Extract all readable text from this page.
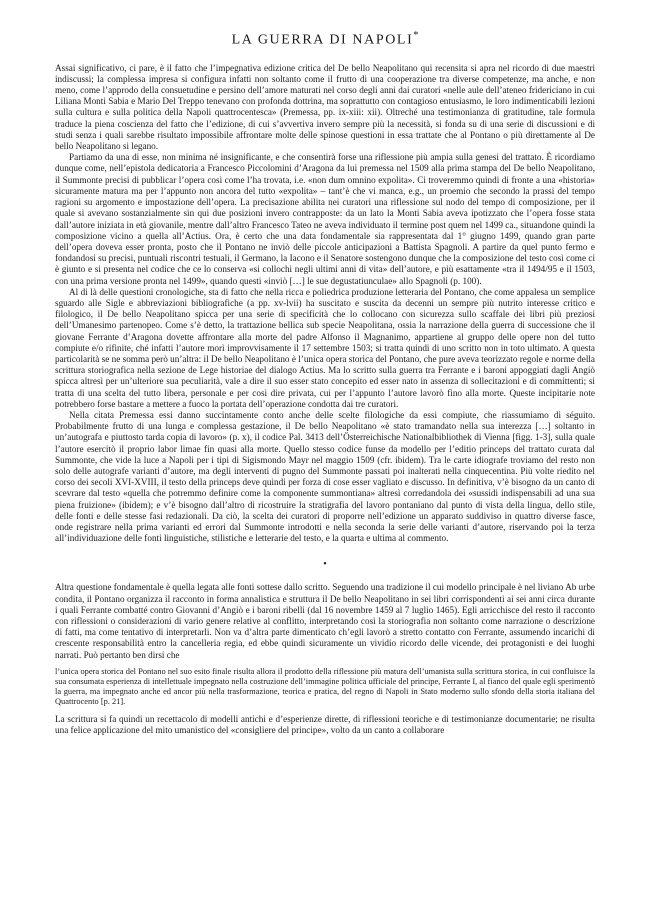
LA GUERRA DI NAPOLI*

Assai significativo, ci pare, è il fatto che l’impegnativa edizione critica del De bello Neapolitano qui recensita si apra nel ricordo di due maestri indiscussi; la complessa impresa si configura infatti non soltanto come il frutto di una cooperazione tra diverse competenze, ma anche, e non meno, come l’approdo della consuetudine e persino dell’amore maturati nel corso degli anni dai curatori «nelle aule dell’ateneo fridericiano in cui Liliana Monti Sabia e Mario Del Treppo tenevano con profonda dottrina, ma soprattutto con contagioso entusiasmo, le loro indimenticabili lezioni sulla cultura e sulla politica della Napoli quattrocentesca» (Premessa, pp. ix-xiii: xii). Oltreché una testimonianza di gratitudine, tale formula traduce la piena coscienza del fatto che l’edizione, di cui s’avvertiva invero sempre più la necessità, si fonda su di una serie di discussioni e di studi senza i quali sarebbe risultato impossibile affrontare molte delle spinose questioni in essa trattate che al Pontano o più direttamente al De bello Neapolitano si legano.

Partiamo da una di esse, non minima né insignificante, e che consentirà forse una riflessione più ampia sulla genesi del trattato. È ricordiamo dunque come, nell’epistola dedicatoria a Francesco Piccolomini d’Aragona da lui premessa nel 1509 alla prima stampa del De bello Neapolitano, il Summonte precisi di pubblicar l’opera così come l’ha trovata, i.e. «non dum omnino expolita». Ci troveremmo quindi di fronte a una «historia» sicuramente matura ma per l’appunto non ancora del tutto «expolita» – tant’è che vi manca, e.g., un proemio che secondo la prassi del tempo ragioni su argomento e impostazione dell’opera. La precisazione abilita nei curatori una riflessione sul nodo del tempo di composizione, per il quale si avevano sostanzialmente sin qui due posizioni invero contrapposte: da un lato la Monti Sabia aveva ipotizzato che l’opera fosse stata dall’autore iniziata in età giovanile, mentre dall’altro Francesco Tateo ne aveva individuato il termine post quem nel 1499 ca., situandone quindi la composizione vicino a quella all’Actius. Ora, è certo che una data fondamentale sia rappresentata dal 1° giugno 1499, quando gran parte dell’opera doveva esser pronta, posto che il Pontano ne inviò delle piccole anticipazioni a Battista Spagnoli. A partire da quel punto fermo e fondandosi su precisi, puntuali riscontri testuali, il Germano, la Iacono e il Senatore sostengono dunque che la composizione del testo così come ci è giunto e si presenta nel codice che ce lo conserva «si collochi negli ultimi anni di vita» dell’autore, e più esattamente «tra il 1494/95 e il 1503, con una prima versione pronta nel 1499», quando questi «inviò […] le sue degustatiunculae» allo Spagnoli (p. 100).

Al di là delle questioni cronologiche, sta di fatto che nella ricca e poliedrica produzione letteraria del Pontano, che come appalesa un semplice sguardo alle Sigle e abbreviazioni bibliografiche (a pp. xv-lvii) ha suscitato e suscita da decenni un sempre più nutrito interesse critico e filologico, il De bello Neapolitano spicca per una serie di specificità che lo collocano con sicurezza sullo scaffale dei libri più preziosi dell’Umanesimo partenopeo. Come s’è detto, la trattazione bellica sub specie Neapolitana, ossia la narrazione della guerra di successione che il giovane Ferrante d’Aragona dovette affrontare alla morte del padre Alfonso il Magnanimo, appartiene al gruppo delle opere non del tutto compiute e/o rifinite, ché infatti l’autore morì improvvisamente il 17 settembre 1503; si tratta quindi di uno scritto non in toto ultimato. A questa particolarità se ne somma però un’altra: il De bello Neapolitano è l’unica opera storica del Pontano, che pure aveva teorizzato regole e norme della scrittura storiografica nella sezione de Lege historiae del dialogo Actius. Ma lo scritto sulla guerra tra Ferrante e i baroni appoggiati dagli Angiò spicca altresì per un’ulteriore sua peculiarità, vale a dire il suo esser stato concepito ed esser nato in assenza di sollecitazioni e di committenti; si tratta di una scelta del tutto libera, personale e per così dire privata, cui per l’appunto l’autore lavorò fino alla morte. Queste incipitarie note potrebbero forse bastare a mettere a fuoco la portata dell’operazione condotta dai tre curatori.

Nella citata Premessa essi danno succintamente conto anche delle scelte filologiche da essi compiute, che riassumiamo di séguito. Probabilmente frutto di una lunga e complessa gestazione, il De bello Neapolitano «è stato tramandato nella sua interezza […] soltanto in un’autografa e piuttosto tarda copia di lavoro» (p. x), il codice Pal. 3413 dell’Österreichische Nationalbibliothek di Vienna [figg. 1-3], sulla quale l’autore esercitò il proprio labor limae fin quasi alla morte. Quello stesso codice funse da modello per l’editio princeps del trattato curata dal Summonte, che vide la luce a Napoli per i tipi di Sigismondo Mayr nel maggio 1509 (cfr. ibidem). Tra le carte idiografe troviamo del resto non solo delle autografe varianti d’autore, ma degli interventi di pugno del Summonte passati poi inalterati nella cinquecentina. Più volte riedito nel corso dei secoli XVI-XVIII, il testo della princeps deve quindi per forza di cose esser vagliato e discusso. In definitiva, v’è bisogno da un canto di scevrare dal testo «quella che potremmo definire come la componente summontiana» altresì corredandola dei «sussidi indispensabili ad una sua piena fruizione» (ibidem); e v’è bisogno dall’altro di ricostruire la stratigrafia del lavoro pontaniano dal punto di vista della lingua, dello stile, delle fonti e delle stesse fasi redazionali. Da ciò, la scelta dei curatori di proporre nell’edizione un apparato suddiviso in quattro diverse fasce, onde registrare nella prima varianti ed errori dal Summonte introdotti e nella seconda la serie delle varianti d’autore, riservando poi la terza all’individuazione delle fonti linguistiche, stilistiche e letterarie del testo, e la quarta e ultima al commento.

•

Altra questione fondamentale è quella legata alle fonti sottese dallo scritto. Seguendo una tradizione il cui modello principale è nel liviano Ab urbe condita, il Pontano organizza il racconto in forma annalistica e struttura il De bello Neapolitano in sei libri corrispondenti ai sei anni circa durante i quali Ferrante combatté contro Giovanni d’Angiò e i baroni ribelli (dal 16 novembre 1459 al 7 luglio 1465). Egli arricchisce del resto il racconto con riflessioni o considerazioni di vario genere relative al conflitto, interpretando così la storiografia non soltanto come narrazione o descrizione di fatti, ma come tentativo di interpretarli. Non va d’altra parte dimenticato ch’egli lavorò a stretto contatto con Ferrante, assumendo incarichi di crescente responsabilità entro la cancelleria regia, ed ebbe quindi sicuramente un vividio ricordo delle vicende, dei protagonisti e dei luoghi narrati. Può pertanto ben dirsi che

l’unica opera storica del Pontano nel suo esito finale risulta allora il prodotto della riflessione più matura dell’umanista sulla scrittura storica, in cui confluisce la sua consumata esperienza di intellettuale impegnato nella costruzione dell’immagine politica ufficiale del principe, Ferrante I, al fianco del quale egli sperimentò la guerra, ma impegnato anche ed ancor più nella trasformazione, teorica e pratica, del regno di Napoli in Stato moderno sullo sfondo della storia italiana del Quattrocento [p. 21].

La scrittura si fa quindi un recettacolo di modelli antichi e d’esperienze dirette, di riflessioni teoriche e di testimonianze documentarie; ne risulta una felice applicazione del mito umanistico del «consigliere del principe», volto da un canto a collaborare
